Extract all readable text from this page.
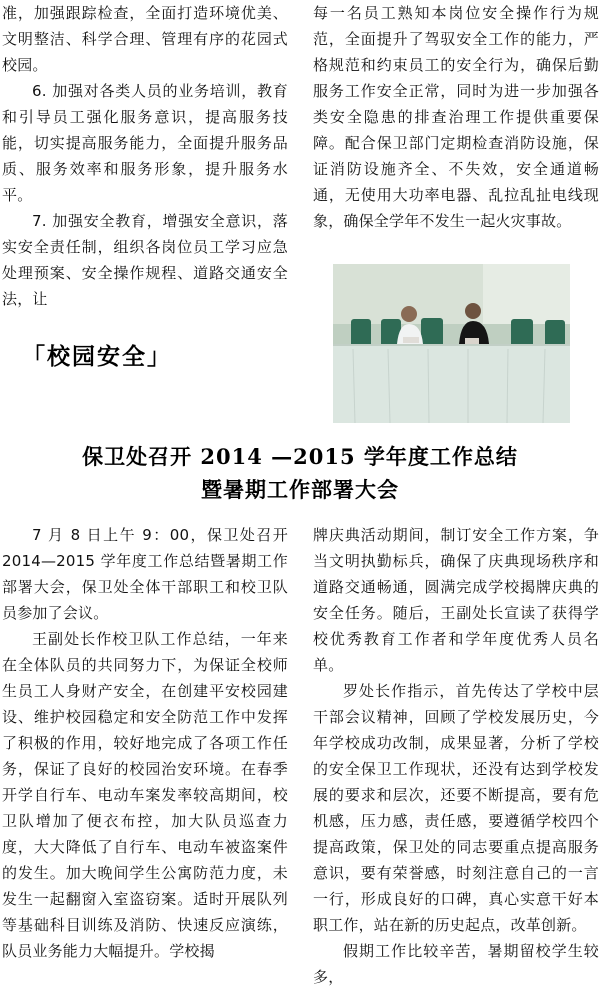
准，加强跟踪检查，全面打造环境优美、文明整洁、科学合理、管理有序的花园式校园。

6. 加强对各类人员的业务培训，教育和引导员工强化服务意识，提高服务技能，切实提高服务能力，全面提升服务品质、服务效率和服务形象，提升服务水平。

7. 加强安全教育，增强安全意识，落实安全责任制，组织各岗位员工学习应急处理预案、安全操作规程、道路交通安全法，让

每一名员工熟知本岗位安全操作行为规范，全面提升了驾驭安全工作的能力，严格规范和约束员工的安全行为，确保后勤服务工作安全正常，同时为进一步加强各类安全隐患的排查治理工作提供重要保障。配合保卫部门定期检查消防设施，保证消防设施齐全、不失效，安全通道畅通，无使用大功率电器、乱拉乱扯电线现象，确保全学年不发生一起火灾事故。

「校园安全」
保卫处召开 2014 —2015 学年度工作总结
暨暑期工作部署大会

7 月 8 日上午 9：00，保卫处召开 2014—2015 学年度工作总结暨暑期工作部署大会，保卫处全体干部职工和校卫队员参加了会议。

王副处长作校卫队工作总结，一年来在全体队员的共同努力下，为保证全校师生员工人身财产安全，在创建平安校园建设、维护校园稳定和安全防范工作中发挥了积极的作用，较好地完成了各项工作任务，保证了良好的校园治安环境。在春季开学自行车、电动车案发率较高期间，校卫队增加了便衣布控，加大队员巡查力度，大大降低了自行车、电动车被盗案件的发生。加大晚间学生公寓防范力度，未发生一起翻窗入室盗窃案。适时开展队列等基础科目训练及消防、快速反应演练，队员业务能力大幅提升。学校揭

牌庆典活动期间，制订安全工作方案，争当文明执勤标兵，确保了庆典现场秩序和道路交通畅通，圆满完成学校揭牌庆典的安全任务。随后，王副处长宣读了获得学校优秀教育工作者和学年度优秀人员名单。

罗处长作指示，首先传达了学校中层干部会议精神，回顾了学校发展历史，今年学校成功改制，成果显著，分析了学校的安全保卫工作现状，还没有达到学校发展的要求和层次，还要不断提高，要有危机感，压力感，责任感，要遵循学校四个提高政策，保卫处的同志要重点提高服务意识，要有荣誉感，时刻注意自己的一言一行，形成良好的口碑，真心实意干好本职工作，站在新的历史起点，改革创新。

假期工作比较辛苦，暑期留校学生较多，
